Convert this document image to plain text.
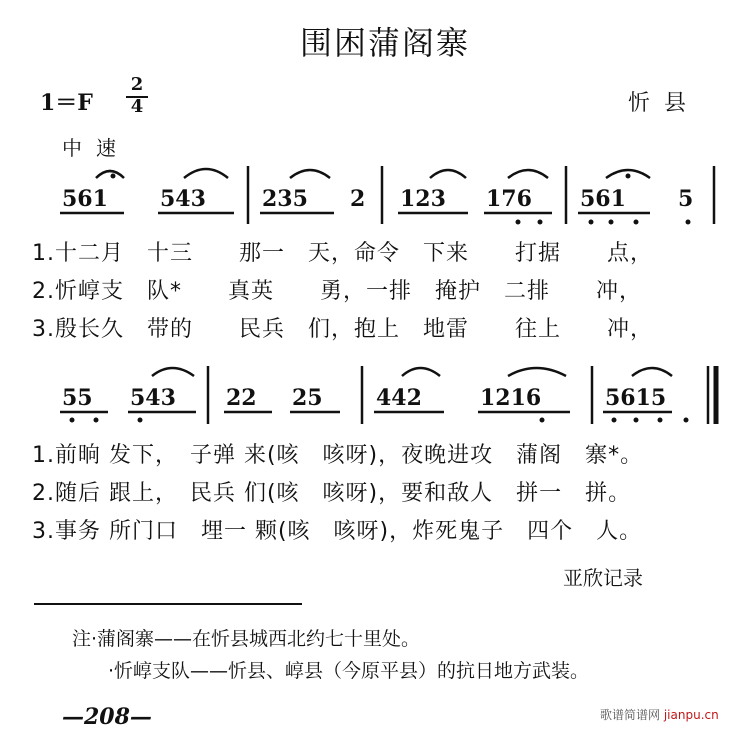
围困蒲阁寨
1＝F
2
4	忻县
中速
561 543	235 2 123 176 561 5
1.十二月　十三　　那一　天，命令　下来　　打据　　点，
2.忻崞支　队*　　真英　　勇，一排　掩护　二排　　冲，
3.殷长久　带的　　民兵　们，抱上　地雷　　往上　　冲，
55 543 22 25 442	1216	5615
1.前晌 发下，　子弹 来(咳　咳呀)，夜晚进攻　蒲阁　寨*。
2.随后 跟上，　民兵 们(咳　咳呀)，要和敌人　拼一　拼。
3.事务 所门口　埋一 颗(咳　咳呀)，炸死鬼子　四个　人。
亚欣记录
注·蒲阁寨——在忻县城西北约七十里处。
·忻崞支队——忻县、崞县（今原平县）的抗日地方武装。
—208—	歌谱简谱网 jianpu.cn
